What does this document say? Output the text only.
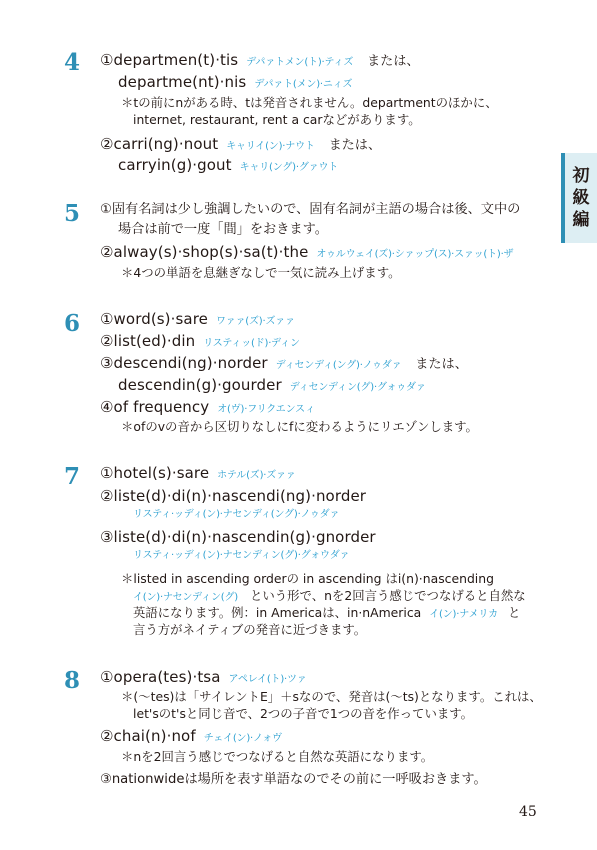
初
級
編
4 ①departmen(t)·tis デパァトメン(ト)·ティズ または、
departme(nt)·nis デパァト(メン)·ニィズ
＊tの前にnがある時、tは発音されません。departmentのほかに、
internet, restaurant, rent a carなどがあります。
②carri(ng)·nout キャリイ(ン)·ナウト または、
carryin(g)·gout キャリ(ング)·グァウト
5 ①固有名詞は少し強調したいので、固有名詞が主語の場合は後、文中の
場合は前で一度「間」をおきます。
②alway(s)·shop(s)·sa(t)·the オゥルウェイ(ズ)·シァップ(ス)·スァッ(ト)·ザ
＊4つの単語を息継ぎなしで一気に読み上げます。
6 ①word(s)·sare ワァァ(ズ)·ズァァ
②list(ed)·din リスティッ(ド)·ディン
③descendi(ng)·norder ディセンディ(ング)·ノゥダァ または、
descendin(g)·gourder ディセンディン(グ)·グォゥダァ
④of frequency オ(ヴ)·フリクエンスィ
＊ofのvの音から区切りなしにfに変わるようにリエゾンします。
7 ①hotel(s)·sare ホテル(ズ)·ズァァ
②liste(d)·di(n)·nascendi(ng)·norder
リスティ·ッディ(ン)·ナセンディ(ング)·ノゥダァ
③liste(d)·di(n)·nascendin(g)·gnorder
リスティ·ッディ(ン)·ナセンディン(グ)·グォウダァ
＊listed in ascending orderの in ascending はi(n)·nascending
イ(ン)·ナセンディン(グ) という形で、nを2回言う感じでつなげると自然な
英語になります。例：in Americaは、in·nAmerica イ(ン)·ナメリカ と
言う方がネイティブの発音に近づきます。
8 ①opera(tes)·tsa アペレイ(ト)·ツァ
＊(〜tes)は「サイレントE」＋sなので、発音は(〜ts)となります。これは、
let'sのt'sと同じ音で、2つの子音で1つの音を作っています。
②chai(n)·nof チェイ(ン)·ノォヴ
＊nを2回言う感じでつなげると自然な英語になります。
③nationwideは場所を表す単語なのでその前に一呼吸おきます。
45
